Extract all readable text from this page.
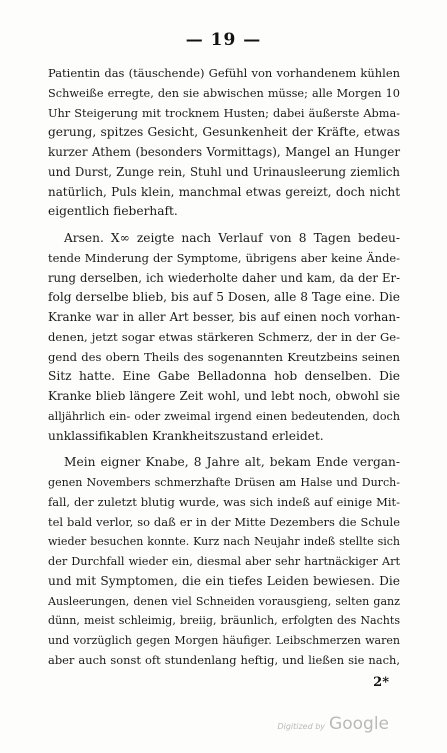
— 19 —
Patientin das (täuschende) Gefühl von vorhandenem kühlen
Schweiße erregte, den sie abwischen müsse; alle Morgen 10
Uhr Steigerung mit trocknem Husten; dabei äußerste Abma-
gerung, spitzes Gesicht, Gesunkenheit der Kräfte, etwas
kurzer Athem (besonders Vormittags), Mangel an Hunger
und Durst, Zunge rein, Stuhl und Urinausleerung ziemlich
natürlich, Puls klein, manchmal etwas gereizt, doch nicht
eigentlich fieberhaft.
Arsen. X∞ zeigte nach Verlauf von 8 Tagen bedeu-
tende Minderung der Symptome, übrigens aber keine Ände-
rung derselben, ich wiederholte daher und kam, da der Er-
folg derselbe blieb, bis auf 5 Dosen, alle 8 Tage eine. Die
Kranke war in aller Art besser, bis auf einen noch vorhan-
denen, jetzt sogar etwas stärkeren Schmerz, der in der Ge-
gend des obern Theils des sogenannten Kreutzbeins seinen
Sitz hatte. Eine Gabe Belladonna hob denselben. Die
Kranke blieb längere Zeit wohl, und lebt noch, obwohl sie
alljährlich ein- oder zweimal irgend einen bedeutenden, doch
unklassifikablen Krankheitszustand erleidet.
Mein eigner Knabe, 8 Jahre alt, bekam Ende vergan-
genen Novembers schmerzhafte Drüsen am Halse und Durch-
fall, der zuletzt blutig wurde, was sich indeß auf einige Mit-
tel bald verlor, so daß er in der Mitte Dezembers die Schule
wieder besuchen konnte. Kurz nach Neujahr indeß stellte sich
der Durchfall wieder ein, diesmal aber sehr hartnäckiger Art
und mit Symptomen, die ein tiefes Leiden bewiesen. Die
Ausleerungen, denen viel Schneiden vorausgieng, selten ganz
dünn, meist schleimig, breiig, bräunlich, erfolgten des Nachts
und vorzüglich gegen Morgen häufiger. Leibschmerzen waren
aber auch sonst oft stundenlang heftig, und ließen sie nach,
2*
Digitized by Google
